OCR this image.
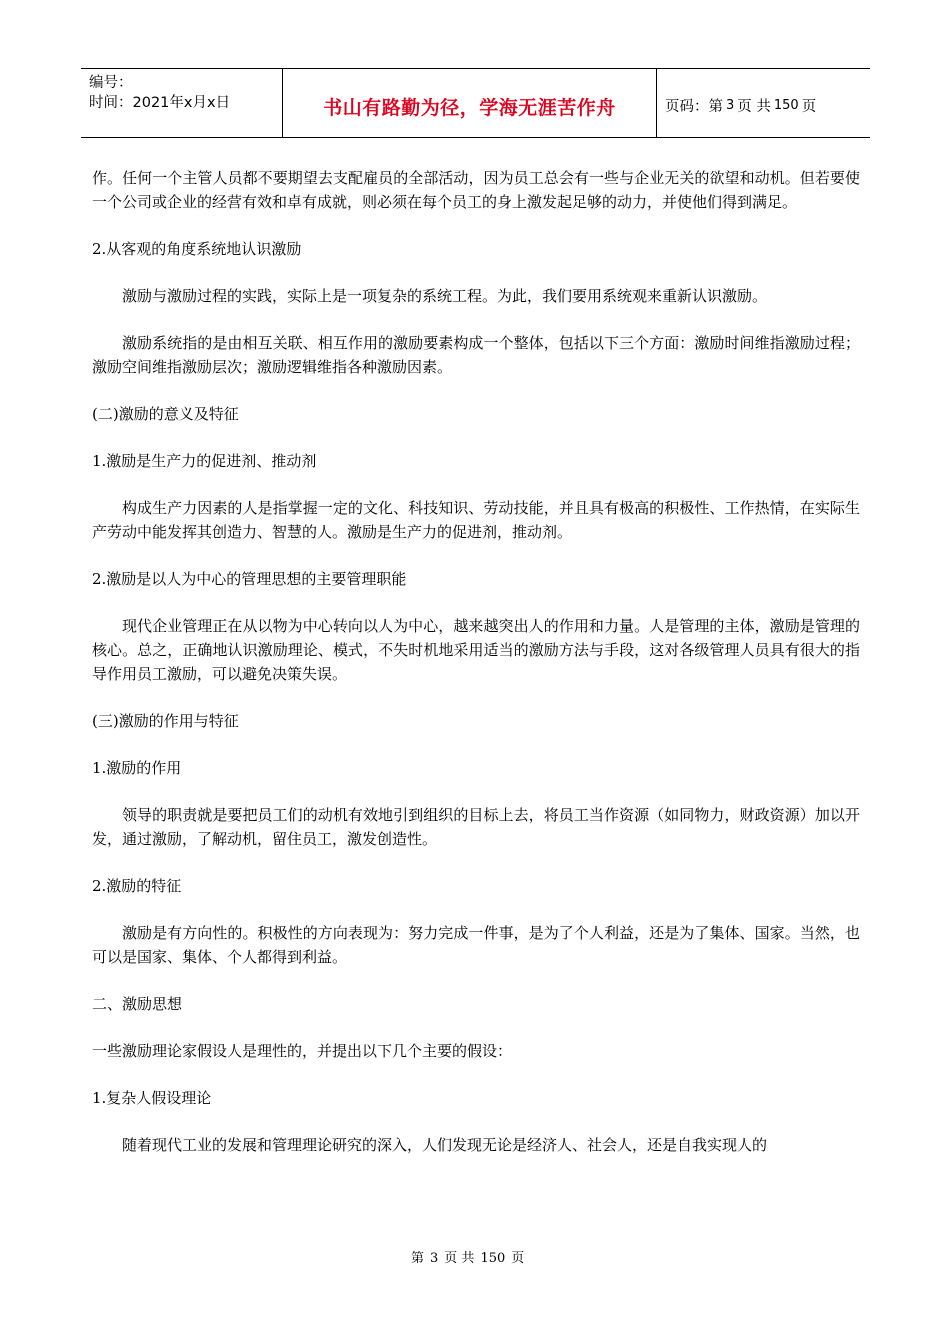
编号：
时间：2021年x月x日	书山有路勤为径，学海无涯苦作舟	页码：第 3 页 共 150 页

作。任何一个主管人员都不要期望去支配雇员的全部活动，因为员工总会有一些与企业无关的欲望和动机。但若要使一个公司或企业的经营有效和卓有成就，则必须在每个员工的身上激发起足够的动力，并使他们得到满足。

2.从客观的角度系统地认识激励

激励与激励过程的实践，实际上是一项复杂的系统工程。为此，我们要用系统观来重新认识激励。

激励系统指的是由相互关联、相互作用的激励要素构成一个整体，包括以下三个方面：激励时间维指激励过程；激励空间维指激励层次；激励逻辑维指各种激励因素。

(二)激励的意义及特征

1.激励是生产力的促进剂、推动剂

构成生产力因素的人是指掌握一定的文化、科技知识、劳动技能，并且具有极高的积极性、工作热情，在实际生产劳动中能发挥其创造力、智慧的人。激励是生产力的促进剂，推动剂。

2.激励是以人为中心的管理思想的主要管理职能

现代企业管理正在从以物为中心转向以人为中心，越来越突出人的作用和力量。人是管理的主体，激励是管理的核心。总之，正确地认识激励理论、模式，不失时机地采用适当的激励方法与手段，这对各级管理人员具有很大的指导作用员工激励，可以避免决策失误。

(三)激励的作用与特征

1.激励的作用

领导的职责就是要把员工们的动机有效地引到组织的目标上去，将员工当作资源（如同物力，财政资源）加以开发，通过激励，了解动机，留住员工，激发创造性。

2.激励的特征

激励是有方向性的。积极性的方向表现为：努力完成一件事，是为了个人利益，还是为了集体、国家。当然，也可以是国家、集体、个人都得到利益。

二、激励思想

一些激励理论家假设人是理性的，并提出以下几个主要的假设：

1.复杂人假设理论

随着现代工业的发展和管理理论研究的深入，人们发现无论是经济人、社会人，还是自我实现人的

第 3 页 共 150 页
